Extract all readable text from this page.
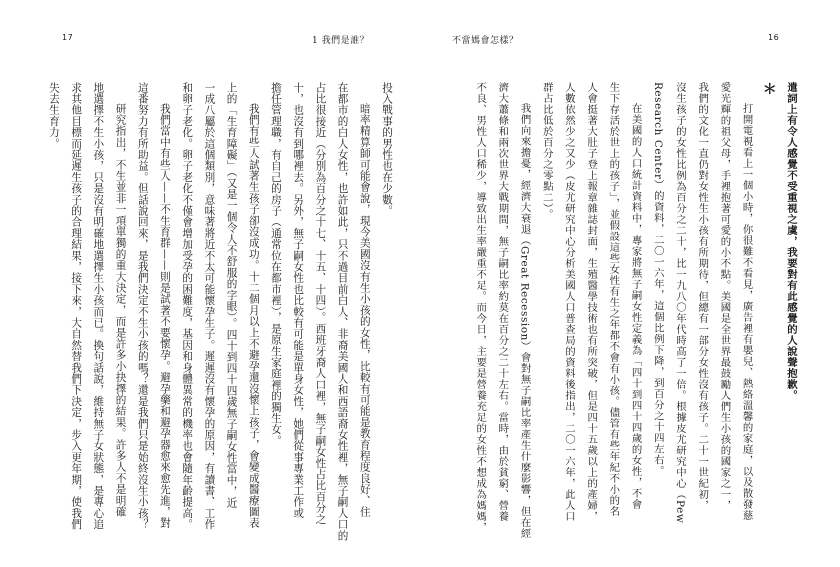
17	1 我們是誰？

投入戰事的男性也在少數。

暗率精算師可能會說，現今美國沒有生小孩的女性，比較有可能是教育程度良好、住

在都市的白人女性，也許如此，只不過目前白人、非裔美國人和西語裔女性裡，無子嗣人口的

占比很接近（分別為百分之十七、十五、十四）。西班牙裔人口裡，無子嗣女性占比百分之

十，也沒有到哪裡去。另外，無子嗣女性也比較有可能是單身女性，她們從事專業工作或

擔任管理職，有自己的房子（通常位在都市裡），是原生家庭裡的獨生女。

我們有些人試著生孩子卻沒成功。十二個月以上不避孕還沒懷上孩子，會變成醫療圖表

上的「生育障礙」（又是一個令人不舒服的字眼）。四十到四十四歲無子嗣女性當中，近

一成八屬於這個類別，意味著將近不太可能懷孕生子。遲遲沒有懷孕的原因，有讀書、工作

和卵子老化。卵子老化不僅會增加受孕的困難度，基因和身體異常的機率也會隨年齡提高。

我們當中有些人——不生育群——則是試著不要懷孕。避孕藥和避孕器愈來愈先進，對

這番努力有所助益。但話說回來，是我們決定不生小孩的嗎？還是我們只是始終沒生小孩？

研究指出，不生並非一項單獨的重大決定，而是許多小抉擇的結果。許多人不是明確

地選擇不生小孩，只是沒有明確地選擇生小孩而已。換句話說，維持無子女狀態，是專心追

求其他目標而延遲生孩子的合理結果，接下來，大自然替我們下決定，步入更年期，使我們

失去生育力。

不當媽會怎樣？	16

遣詞上有令人感覺不受重視之虞，我要對有此感覺的人說聲抱歉。

＊

打開電視看上一個小時，你很難不看見，廣告裡有嬰兒、熱絡溫馨的家庭，以及散發慈

愛光輝的祖父母，手裡抱著可愛的小不點。美國是全世界最鼓勵人們生小孩的國家之一，

我們的文化一直仍對女性生小孩有所期待，但總有一部分女性沒有孩子。二十一世紀初，

沒生孩子的女性比例為百分之二十，比一九八〇年代時高了一倍。根據皮尤研究中心（Pew

Research Center）的資料，二〇一六年，這個比例下降，到百分之十四左右。

在美國的人口統計資料中，專家將無子嗣女性定義為「四十到四十四歲的女性，不會

生下存活於世上的孩子」，並假設這些女性有生之年都不會有小孩。儘管有些年紀不小的名

人會挺著大肚子登上報章雜誌封面，生殖醫學技術也有所突破，但是四十五歲以上的產婦，

人數依然少之又少（皮尤研究中心分析美國人口普查局的資料後指出，二〇一六年，此人口

群占比低於百分之零點二）。

我們向來擔憂，經濟大衰退（Great Recession）會對無子嗣比率產生什麼影響，但在經

濟大蕭條和兩次世界大戰期間，無子嗣比率約莫在百分之二十左右。當時，由於貧窮、營養

不良、男性人口稀少，導致出生率嚴重不足。而今日，主要是營養充足的女性不想成為媽媽，
